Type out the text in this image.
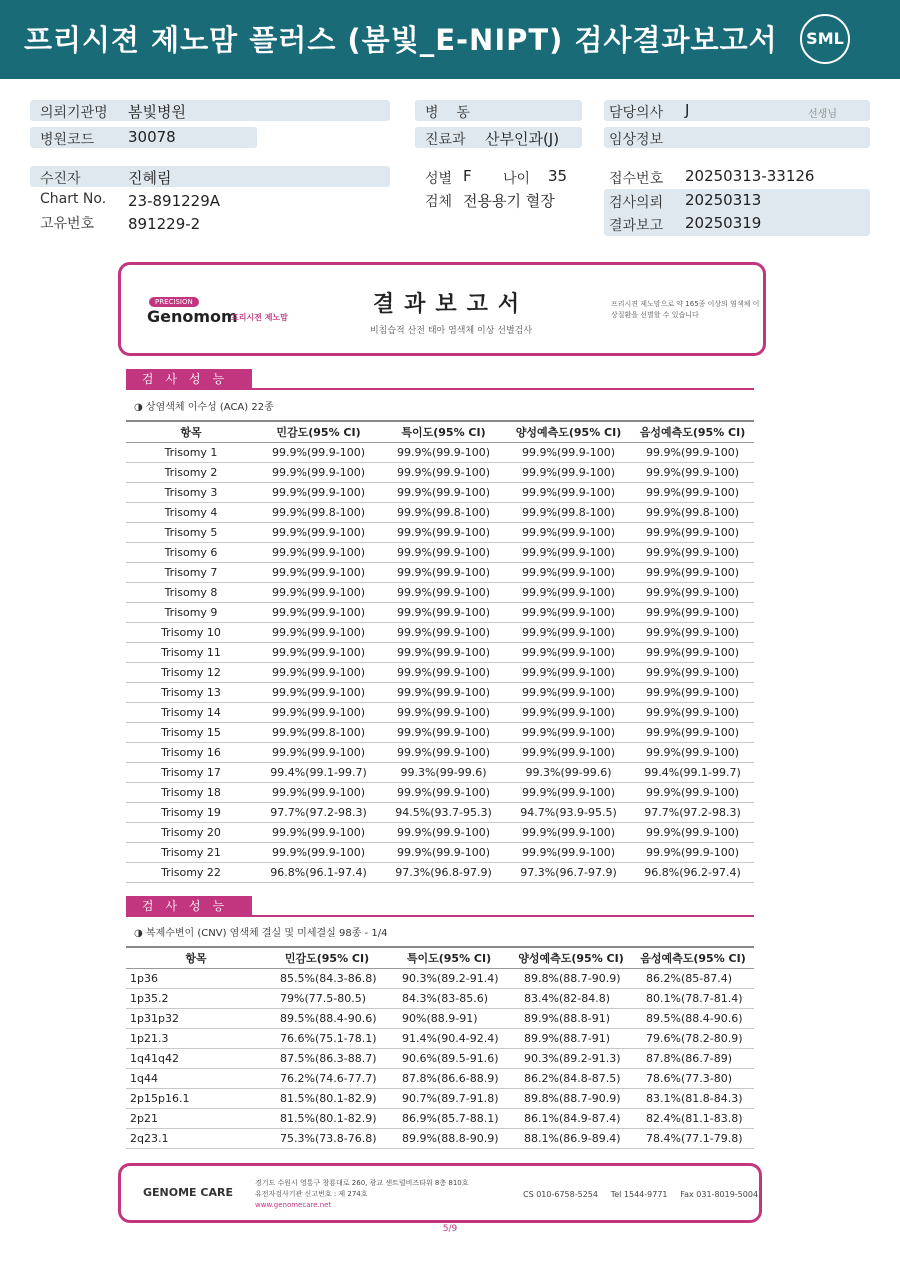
프리시젼 제노맘 플러스 (봄빛_E-NIPT) 검사결과보고서	SML
의뢰기관명 봄빛병원
병원코드 30078
병    동
진료과 산부인과(J)
담당의사 J	선생님
임상정보
수진자	진혜림
Chart No. 23-891229A
고유번호 891229-2
성별 F 나이 35
검체 전용용기 혈장
접수번호 20250313-33126
검사의뢰 20250313
결과보고 20250319
PRECISION
Genomom
프리시젼 제노맘
결과보고서
비침습적 산전 태아 염색체 이상 선별검사
프리시젼 제노맘으로 약 165종 이상의 염색체 이상질환을 선별할 수 있습니다
검사성능
◑ 상염색체 이수성 (ACA) 22종
항목	민감도(95% CI)	특이도(95% CI)	양성예측도(95% CI)	음성예측도(95% CI)
Trisomy 1	99.9%(99.9-100)	99.9%(99.9-100)	99.9%(99.9-100)	99.9%(99.9-100)
Trisomy 2	99.9%(99.9-100)	99.9%(99.9-100)	99.9%(99.9-100)	99.9%(99.9-100)
Trisomy 3	99.9%(99.9-100)	99.9%(99.9-100)	99.9%(99.9-100)	99.9%(99.9-100)
Trisomy 4	99.9%(99.8-100)	99.9%(99.8-100)	99.9%(99.8-100)	99.9%(99.8-100)
Trisomy 5	99.9%(99.9-100)	99.9%(99.9-100)	99.9%(99.9-100)	99.9%(99.9-100)
Trisomy 6	99.9%(99.9-100)	99.9%(99.9-100)	99.9%(99.9-100)	99.9%(99.9-100)
Trisomy 7	99.9%(99.9-100)	99.9%(99.9-100)	99.9%(99.9-100)	99.9%(99.9-100)
Trisomy 8	99.9%(99.9-100)	99.9%(99.9-100)	99.9%(99.9-100)	99.9%(99.9-100)
Trisomy 9	99.9%(99.9-100)	99.9%(99.9-100)	99.9%(99.9-100)	99.9%(99.9-100)
Trisomy 10	99.9%(99.9-100)	99.9%(99.9-100)	99.9%(99.9-100)	99.9%(99.9-100)
Trisomy 11	99.9%(99.9-100)	99.9%(99.9-100)	99.9%(99.9-100)	99.9%(99.9-100)
Trisomy 12	99.9%(99.9-100)	99.9%(99.9-100)	99.9%(99.9-100)	99.9%(99.9-100)
Trisomy 13	99.9%(99.9-100)	99.9%(99.9-100)	99.9%(99.9-100)	99.9%(99.9-100)
Trisomy 14	99.9%(99.9-100)	99.9%(99.9-100)	99.9%(99.9-100)	99.9%(99.9-100)
Trisomy 15	99.9%(99.8-100)	99.9%(99.9-100)	99.9%(99.9-100)	99.9%(99.9-100)
Trisomy 16	99.9%(99.9-100)	99.9%(99.9-100)	99.9%(99.9-100)	99.9%(99.9-100)
Trisomy 17	99.4%(99.1-99.7)	99.3%(99-99.6)	99.3%(99-99.6)	99.4%(99.1-99.7)
Trisomy 18	99.9%(99.9-100)	99.9%(99.9-100)	99.9%(99.9-100)	99.9%(99.9-100)
Trisomy 19	97.7%(97.2-98.3)	94.5%(93.7-95.3)	94.7%(93.9-95.5)	97.7%(97.2-98.3)
Trisomy 20	99.9%(99.9-100)	99.9%(99.9-100)	99.9%(99.9-100)	99.9%(99.9-100)
Trisomy 21	99.9%(99.9-100)	99.9%(99.9-100)	99.9%(99.9-100)	99.9%(99.9-100)
Trisomy 22	96.8%(96.1-97.4)	97.3%(96.8-97.9)	97.3%(96.7-97.9)	96.8%(96.2-97.4)
검사성능
◑ 복제수변이 (CNV) 염색체 결실 및 미세결실 98종 - 1/4
항목	민감도(95% CI)	특이도(95% CI)	양성예측도(95% CI)	음성예측도(95% CI)
1p36	85.5%(84.3-86.8)	90.3%(89.2-91.4)	89.8%(88.7-90.9)	86.2%(85-87.4)
1p35.2	79%(77.5-80.5)	84.3%(83-85.6)	83.4%(82-84.8)	80.1%(78.7-81.4)
1p31p32	89.5%(88.4-90.6)	90%(88.9-91)	89.9%(88.8-91)	89.5%(88.4-90.6)
1p21.3	76.6%(75.1-78.1)	91.4%(90.4-92.4)	89.9%(88.7-91)	79.6%(78.2-80.9)
1q41q42	87.5%(86.3-88.7)	90.6%(89.5-91.6)	90.3%(89.2-91.3)	87.8%(86.7-89)
1q44	76.2%(74.6-77.7)	87.8%(86.6-88.9)	86.2%(84.8-87.5)	78.6%(77.3-80)
2p15p16.1	81.5%(80.1-82.9)	90.7%(89.7-91.8)	89.8%(88.7-90.9)	83.1%(81.8-84.3)
2p21	81.5%(80.1-82.9)	86.9%(85.7-88.1)	86.1%(84.9-87.4)	82.4%(81.1-83.8)
2q23.1	75.3%(73.8-76.8)	89.9%(88.8-90.9)	88.1%(86.9-89.4)	78.4%(77.1-79.8)
GENOME CARE
경기도 수원시 영통구 창룡대로 260, 광교 센트럴비즈타워 8층 810호
유전자검사기관 신고번호 : 제 274호
www.genomecare.net
CS 010-6758-5254 Tel 1544-9771 Fax 031-8019-5004
5/9
